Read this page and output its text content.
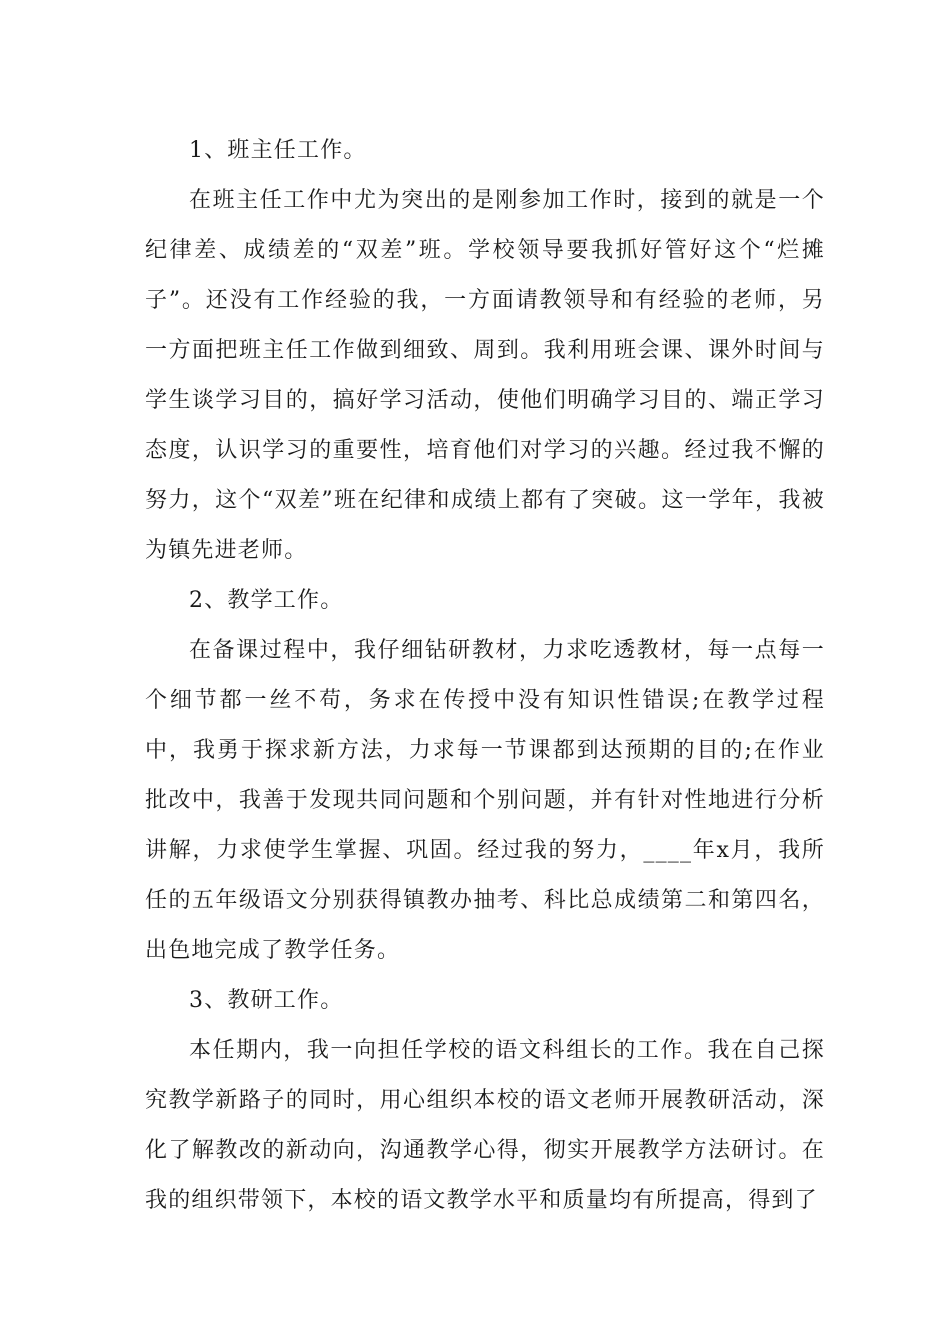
1、班主任工作。

在班主任工作中尤为突出的是刚参加工作时，接到的就是一个纪律差、成绩差的“双差”班。学校领导要我抓好管好这个“烂摊子”。还没有工作经验的我，一方面请教领导和有经验的老师，另一方面把班主任工作做到细致、周到。我利用班会课、课外时间与学生谈学习目的，搞好学习活动，使他们明确学习目的、端正学习态度，认识学习的重要性，培育他们对学习的兴趣。经过我不懈的努力，这个“双差”班在纪律和成绩上都有了突破。这一学年，我被为镇先进老师。

2、教学工作。

在备课过程中，我仔细钻研教材，力求吃透教材，每一点每一个细节都一丝不苟，务求在传授中没有知识性错误;在教学过程中，我勇于探求新方法，力求每一节课都到达预期的目的;在作业批改中，我善于发现共同问题和个别问题，并有针对性地进行分析讲解，力求使学生掌握、巩固。经过我的努力，____年x月，我所任的五年级语文分别获得镇教办抽考、科比总成绩第二和第四名，出色地完成了教学任务。

3、教研工作。

本任期内，我一向担任学校的语文科组长的工作。我在自己探究教学新路子的同时，用心组织本校的语文老师开展教研活动，深化了解教改的新动向，沟通教学心得，彻实开展教学方法研讨。在我的组织带领下，本校的语文教学水平和质量均有所提高，得到了
